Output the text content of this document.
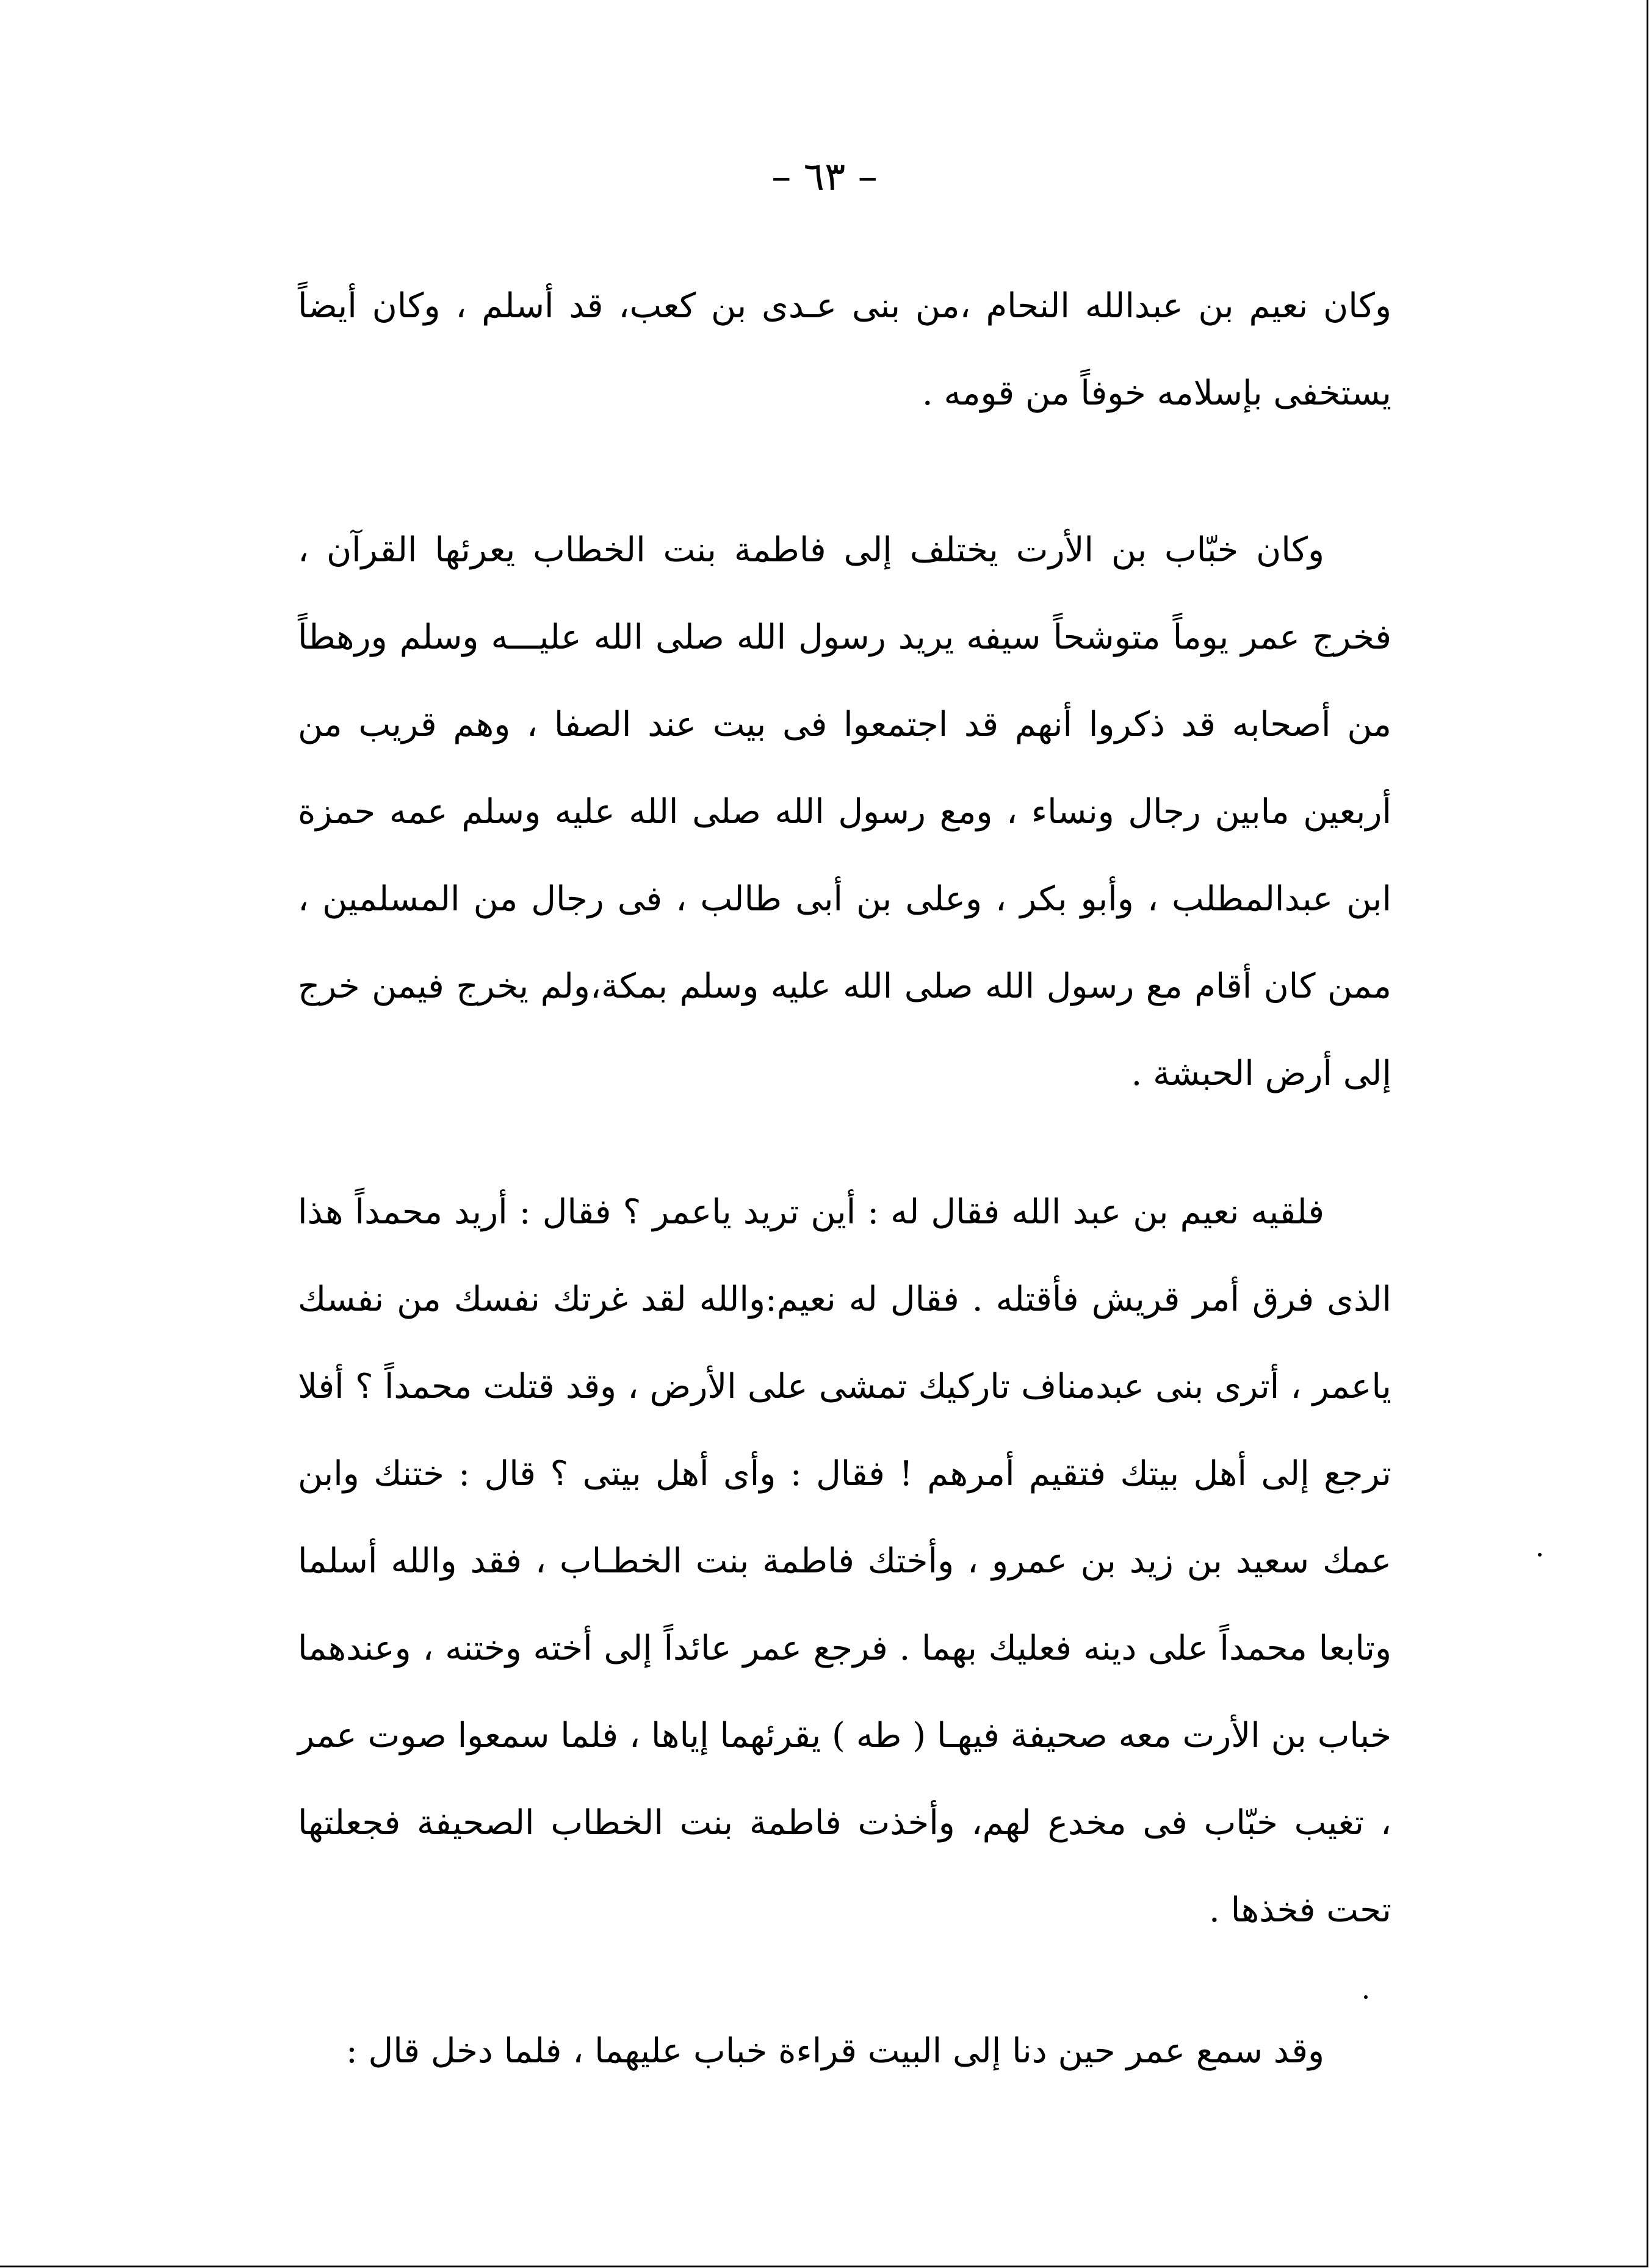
– ٦٣ –

وكان نعيم بن عبدالله النحام ،من بنى عـدى بن كعب، قد أسلم ، وكان أيضاً يستخفى بإسلامه خوفاً من قومه .

وكان خبّاب بن الأرت يختلف إلى فاطمة بنت الخطاب يعرئها القرآن ، فخرج عمر يوماً متوشحاً سيفه يريد رسول الله صلى الله عليـــه وسلم ورهطاً من أصحابه قد ذكروا أنهم قد اجتمعوا فى بيت عند الصفا ، وهم قريب من أربعين مابين رجال ونساء ، ومع رسول الله صلى الله عليه وسلم عمه حمزة ابن عبدالمطلب ، وأبو بكر ، وعلى بن أبى طالب ، فى رجال من المسلمين ، ممن كان أقام مع رسول الله صلى الله عليه وسلم بمكة،ولم يخرج فيمن خرج إلى أرض الحبشة .

فلقيه نعيم بن عبد الله فقال له : أين تريد ياعمر ؟ فقال : أريد محمداً هذا الذى فرق أمر قريش فأقتله . فقال له نعيم:والله لقد غرتك نفسك من نفسك ياعمر ، أترى بنى عبدمناف تاركيك تمشى على الأرض ، وقد قتلت محمداً ؟ أفلا ترجع إلى أهل بيتك فتقيم أمرهم ! فقال : وأى أهل بيتى ؟ قال : ختنك وابن عمك سعيد بن زيد بن عمرو ، وأختك فاطمة بنت الخطـاب ، فقد والله أسلما وتابعا محمداً على دينه فعليك بهما . فرجع عمر عائداً إلى أخته وختنه ، وعندهما خباب بن الأرت معه صحيفة فيهـا ( طه ) يقرئهما إياها ، فلما سمعوا صوت عمر ، تغيب خبّاب فى مخدع لهم، وأخذت فاطمة بنت الخطاب الصحيفة فجعلتها تحت فخذها .

وقد سمع عمر حين دنا إلى البيت قراءة خباب عليهما ، فلما دخل قال :
